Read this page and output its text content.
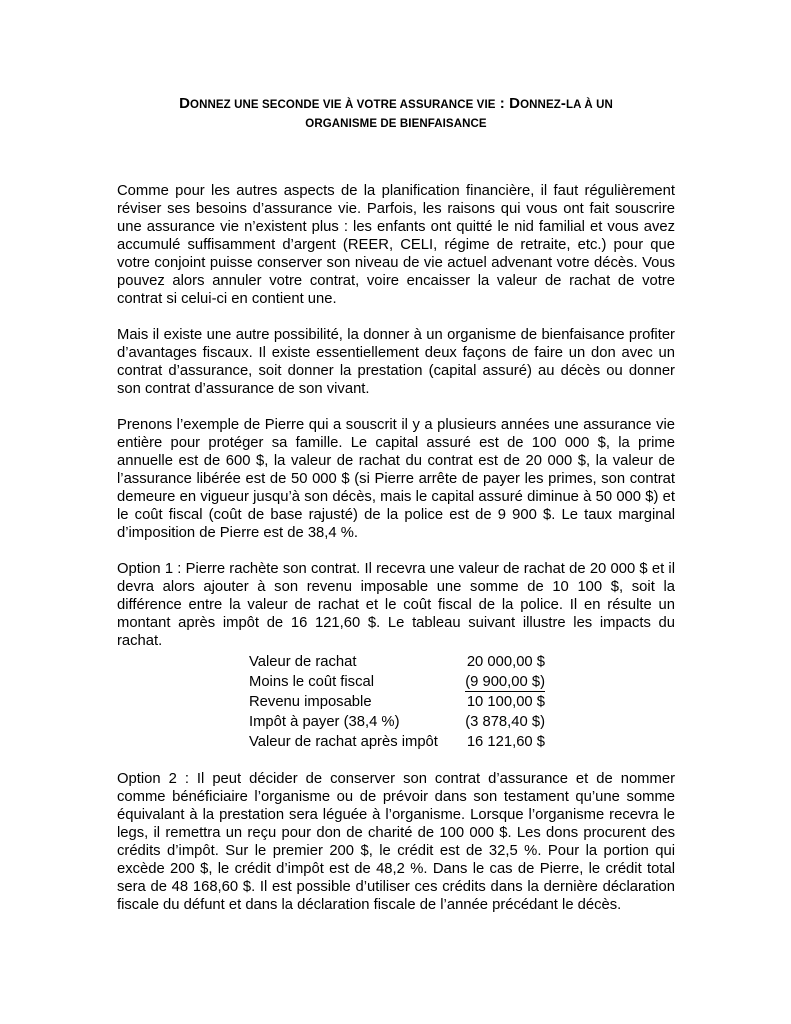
DONNEZ UNE SECONDE VIE À VOTRE ASSURANCE VIE : DONNEZ-LA À UN
ORGANISME DE BIENFAISANCE

Comme pour les autres aspects de la planification financière, il faut régulièrement réviser ses besoins d’assurance vie. Parfois, les raisons qui vous ont fait souscrire une assurance vie n’existent plus : les enfants ont quitté le nid familial et vous avez accumulé suffisamment d’argent (REER, CELI, régime de retraite, etc.) pour que votre conjoint puisse conserver son niveau de vie actuel advenant votre décès. Vous pouvez alors annuler votre contrat, voire encaisser la valeur de rachat de votre contrat si celui-ci en contient une.

Mais il existe une autre possibilité, la donner à un organisme de bienfaisance profiter d’avantages fiscaux. Il existe essentiellement deux façons de faire un don avec un contrat d’assurance, soit donner la prestation (capital assuré) au décès ou donner son contrat d’assurance de son vivant.

Prenons l’exemple de Pierre qui a souscrit il y a plusieurs années une assurance vie entière pour protéger sa famille. Le capital assuré est de 100 000 $, la prime annuelle est de 600 $, la valeur de rachat du contrat est de 20 000 $, la valeur de l’assurance libérée est de 50 000 $ (si Pierre arrête de payer les primes, son contrat demeure en vigueur jusqu’à son décès, mais le capital assuré diminue à 50 000 $) et le coût fiscal (coût de base rajusté) de la police est de 9 900 $. Le taux marginal d’imposition de Pierre est de 38,4 %.

Option 1 : Pierre rachète son contrat. Il recevra une valeur de rachat de 20 000 $ et il devra alors ajouter à son revenu imposable une somme de 10 100 $, soit la différence entre la valeur de rachat et le coût fiscal de la police. Il en résulte un montant après impôt de 16 121,60 $. Le tableau suivant illustre les impacts du rachat.

Valeur de rachat	20 000,00 $
Moins le coût fiscal	(9 900,00 $)
Revenu imposable	10 100,00 $
Impôt à payer (38,4 %)	(3 878,40 $)
Valeur de rachat après impôt	16 121,60 $

Option 2 : Il peut décider de conserver son contrat d’assurance et de nommer comme bénéficiaire l’organisme ou de prévoir dans son testament qu’une somme équivalant à la prestation sera léguée à l’organisme. Lorsque l’organisme recevra le legs, il remettra un reçu pour don de charité de 100 000 $. Les dons procurent des crédits d’impôt. Sur le premier 200 $, le crédit est de 32,5 %. Pour la portion qui excède 200 $, le crédit d’impôt est de 48,2 %. Dans le cas de Pierre, le crédit total sera de 48 168,60 $. Il est possible d’utiliser ces crédits dans la dernière déclaration fiscale du défunt et dans la déclaration fiscale de l’année précédant le décès.
